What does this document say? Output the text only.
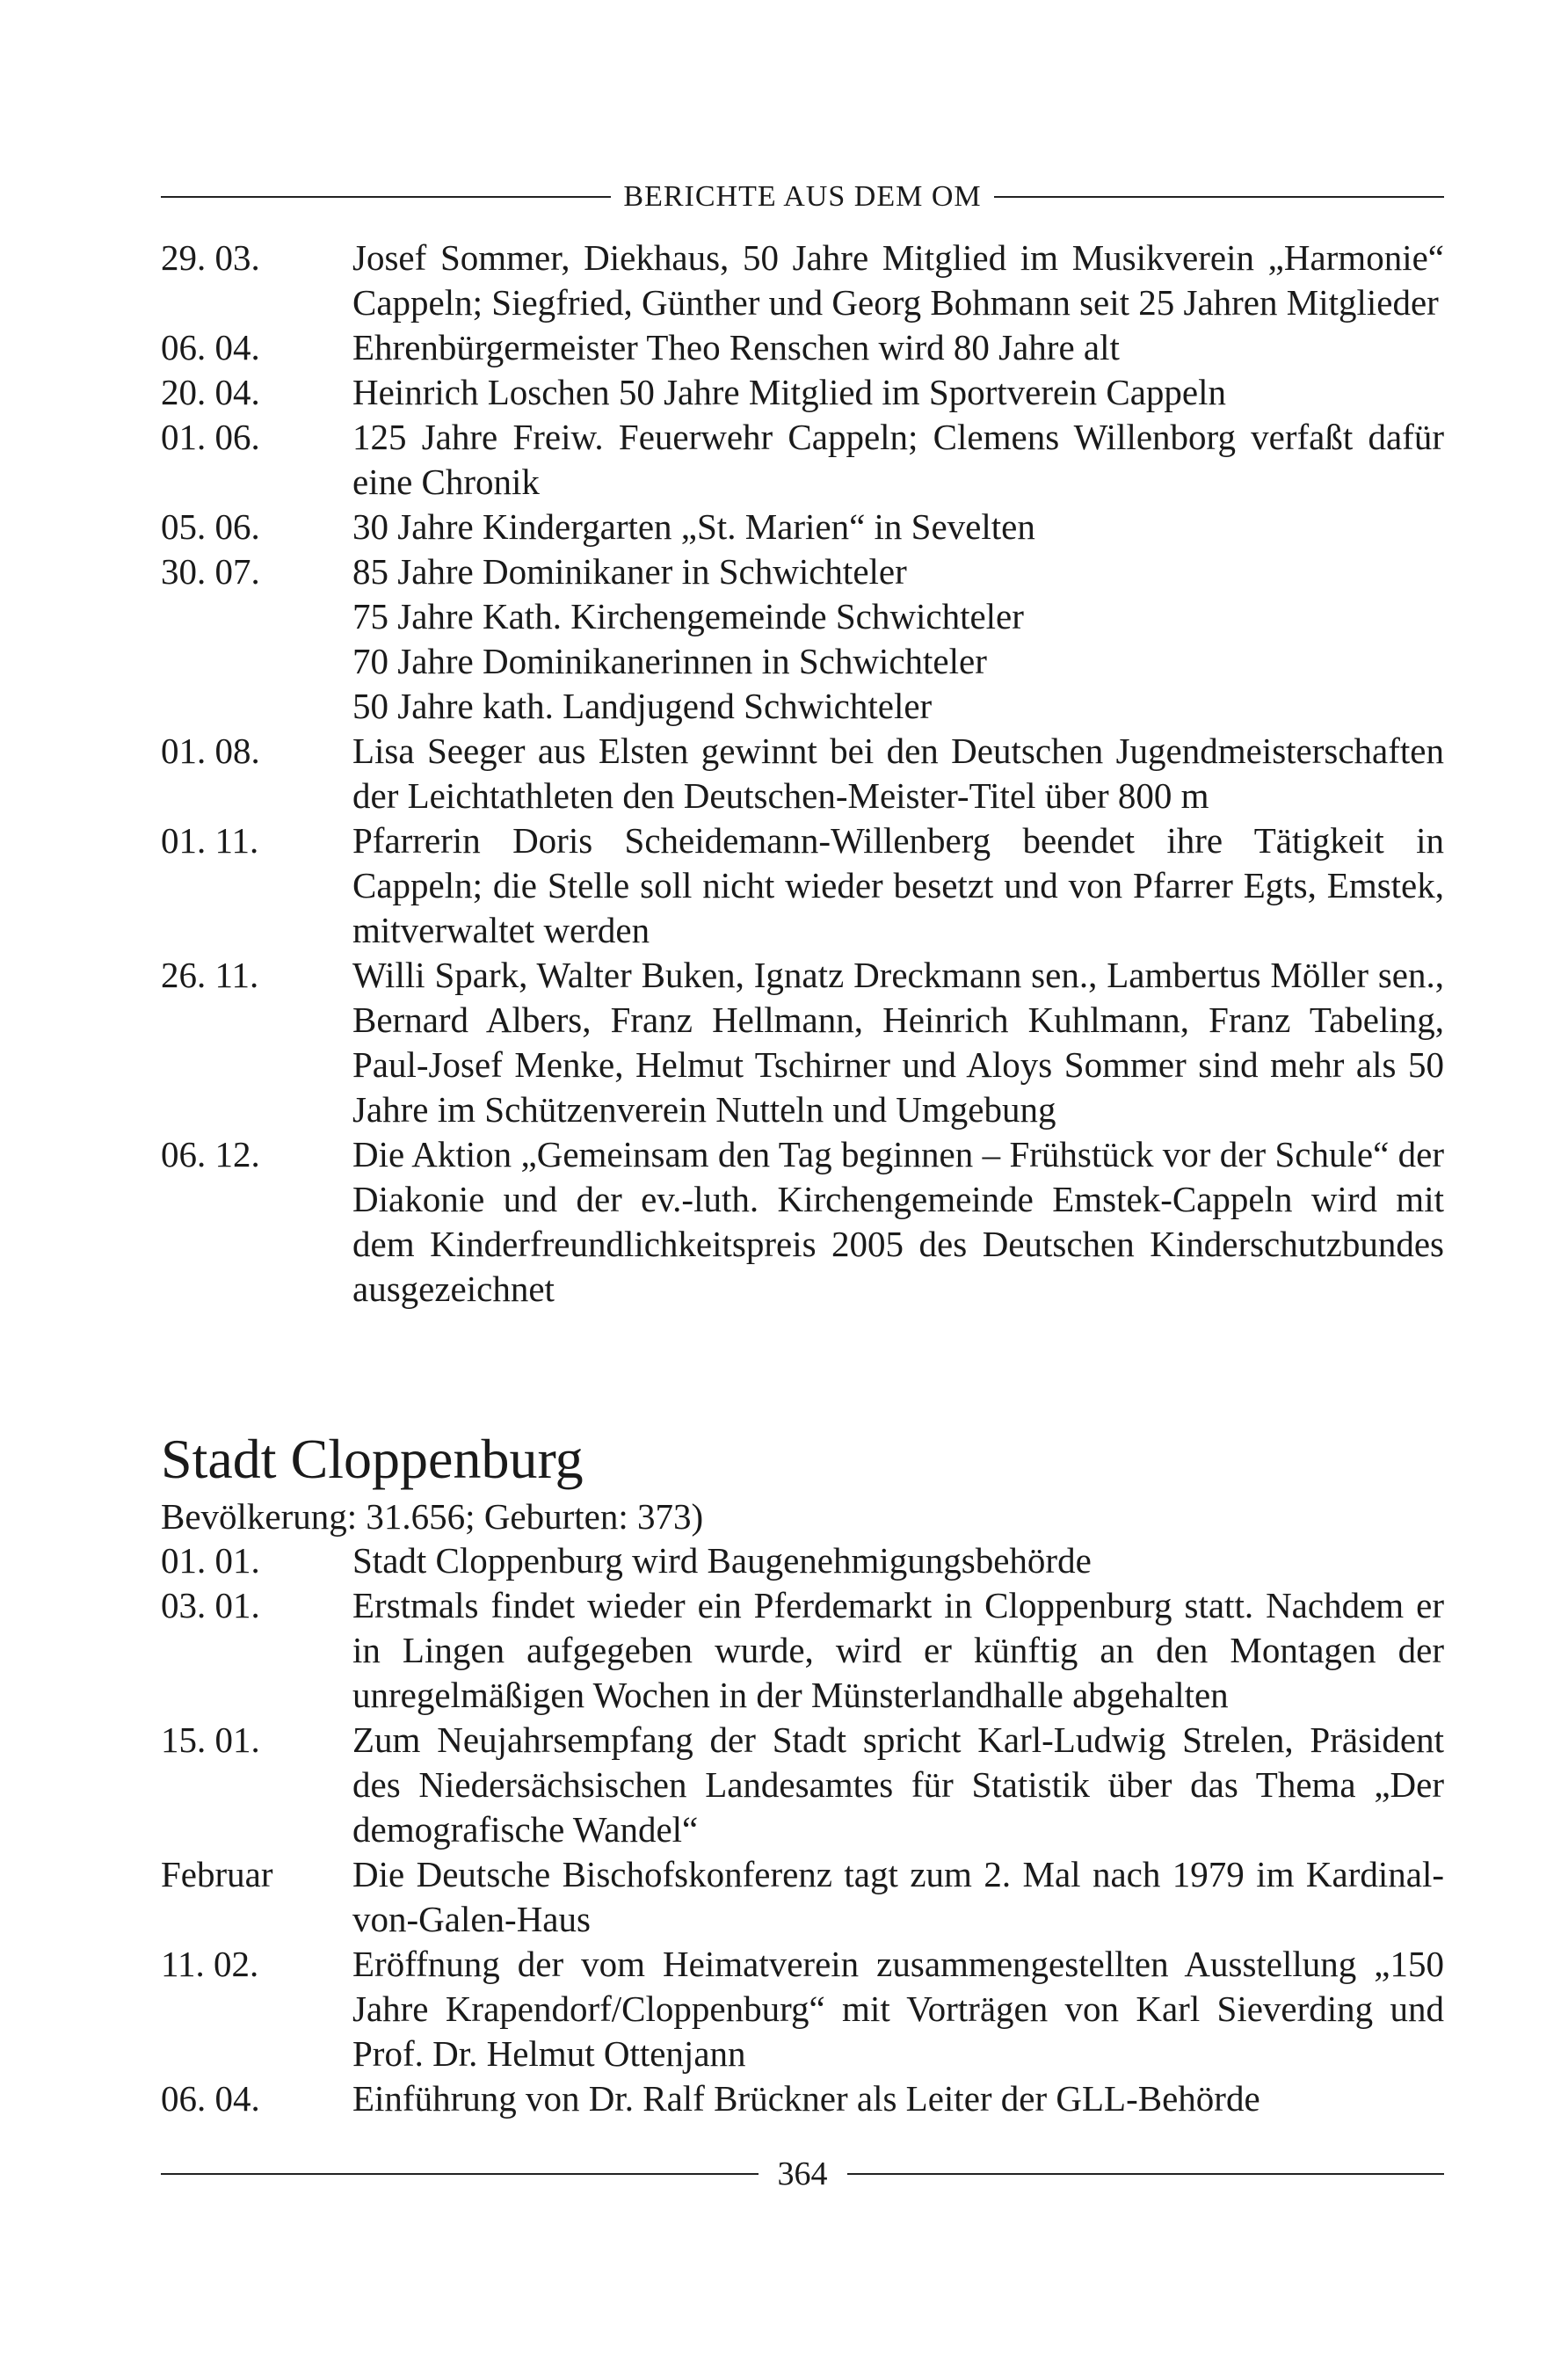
BERICHTE AUS DEM OM
29. 03.	Josef Sommer, Diekhaus, 50 Jahre Mitglied im Musikverein „Harmonie“ Cappeln; Siegfried, Günther und Georg Bohmann seit 25 Jahren Mitglieder
06. 04.	Ehrenbürgermeister Theo Renschen wird 80 Jahre alt
20. 04.	Heinrich Loschen 50 Jahre Mitglied im Sportverein Cappeln
01. 06.	125 Jahre Freiw. Feuerwehr Cappeln; Clemens Willenborg verfaßt dafür eine Chronik
05. 06.	30 Jahre Kindergarten „St. Marien“ in Sevelten
30. 07.	85 Jahre Dominikaner in Schwichteler
75 Jahre Kath. Kirchengemeinde Schwichteler
70 Jahre Dominikanerinnen in Schwichteler
50 Jahre kath. Landjugend Schwichteler
01. 08.	Lisa Seeger aus Elsten gewinnt bei den Deutschen Jugendmeisterschaften der Leichtathleten den Deutschen-Meister-Titel über 800 m
01. 11.	Pfarrerin Doris Scheidemann-Willenberg beendet ihre Tätigkeit in Cappeln; die Stelle soll nicht wieder besetzt und von Pfarrer Egts, Emstek, mitverwaltet werden
26. 11.	Willi Spark, Walter Buken, Ignatz Dreckmann sen., Lambertus Möller sen., Bernard Albers, Franz Hellmann, Heinrich Kuhlmann, Franz Tabeling, Paul-Josef Menke, Helmut Tschirner und Aloys Sommer sind mehr als 50 Jahre im Schützenverein Nutteln und Umgebung
06. 12.	Die Aktion „Gemeinsam den Tag beginnen – Frühstück vor der Schule“ der Diakonie und der ev.-luth. Kirchengemeinde Emstek-Cappeln wird mit dem Kinderfreundlichkeitspreis 2005 des Deutschen Kinderschutzbundes ausgezeichnet
Stadt Cloppenburg
Bevölkerung: 31.656; Geburten: 373)
01. 01.	Stadt Cloppenburg wird Baugenehmigungsbehörde
03. 01.	Erstmals findet wieder ein Pferdemarkt in Cloppenburg statt. Nachdem er in Lingen aufgegeben wurde, wird er künftig an den Montagen der unregelmäßigen Wochen in der Münsterlandhalle abgehalten
15. 01.	Zum Neujahrsempfang der Stadt spricht Karl-Ludwig Strelen, Präsident des Niedersächsischen Landesamtes für Statistik über das Thema „Der demografische Wandel“
Februar	Die Deutsche Bischofskonferenz tagt zum 2. Mal nach 1979 im Kardinal-von-Galen-Haus
11. 02.	Eröffnung der vom Heimatverein zusammengestellten Ausstellung „150 Jahre Krapendorf/Cloppenburg“ mit Vorträgen von Karl Sieverding und Prof. Dr. Helmut Ottenjann
06. 04.	Einführung von Dr. Ralf Brückner als Leiter der GLL-Behörde
364
